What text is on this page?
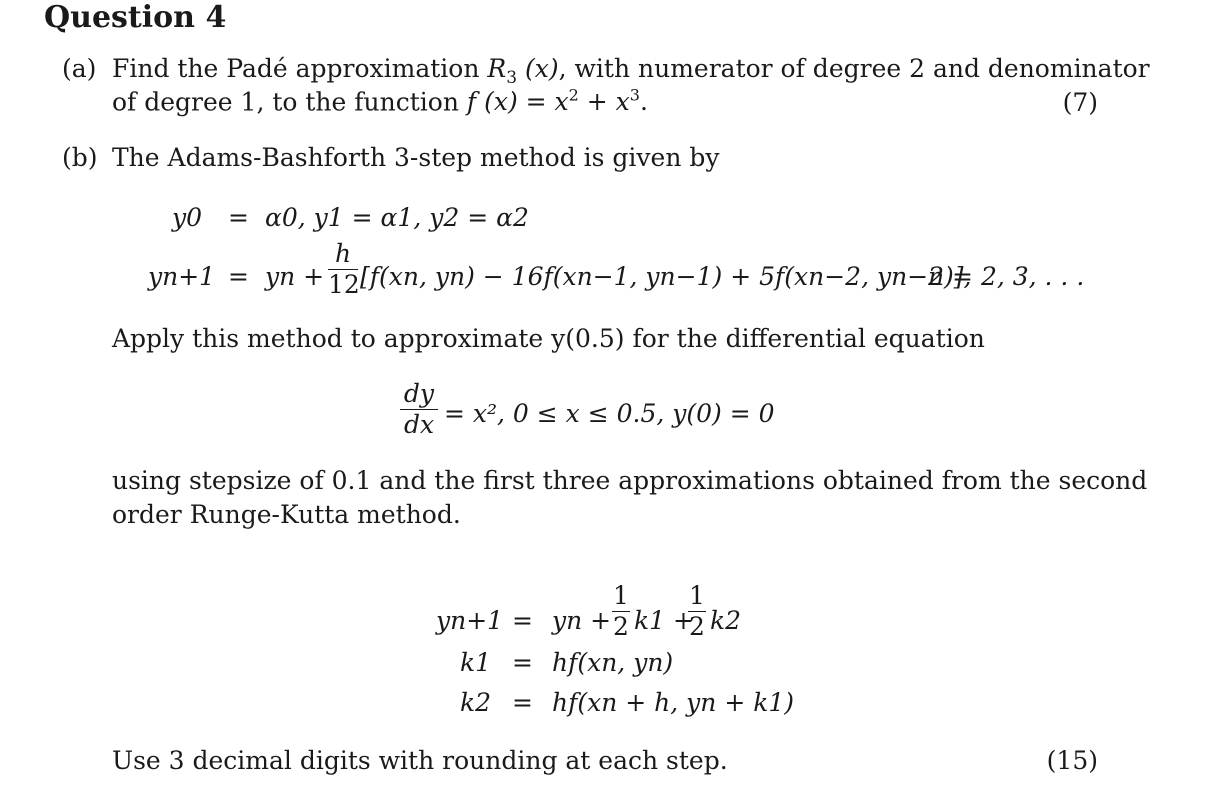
Question 4
(a) Find the Padé approximation $R_3$ (x), with numerator of degree 2 and denominator
of degree 1, to the function f $(x) = x^2 + x^3$.	(7)
(b) The Adams-Bashforth 3-step method is given by
y0 = α0, y1 = α1, y2 = α2
yn+1 = yn +
h
12 [f(xn, yn) − 16f(xn−1, yn−1) + 5f(xn−2, yn−2)],
n = 2, 3, . . .
Apply this method to approximate y(0.5) for the differential equation
dy
dx = x², 0 ≤ x ≤ 0.5, y(0) = 0
using stepsize of 0.1 and the first three approximations obtained from the second
order Runge-Kutta method.
yn+1 = yn +
1
2 k1 +
1
2 k2
k1 = hf(xn, yn)
k2 = hf(xn + h, yn + k1)
Use 3 decimal digits with rounding at each step.	(15)
